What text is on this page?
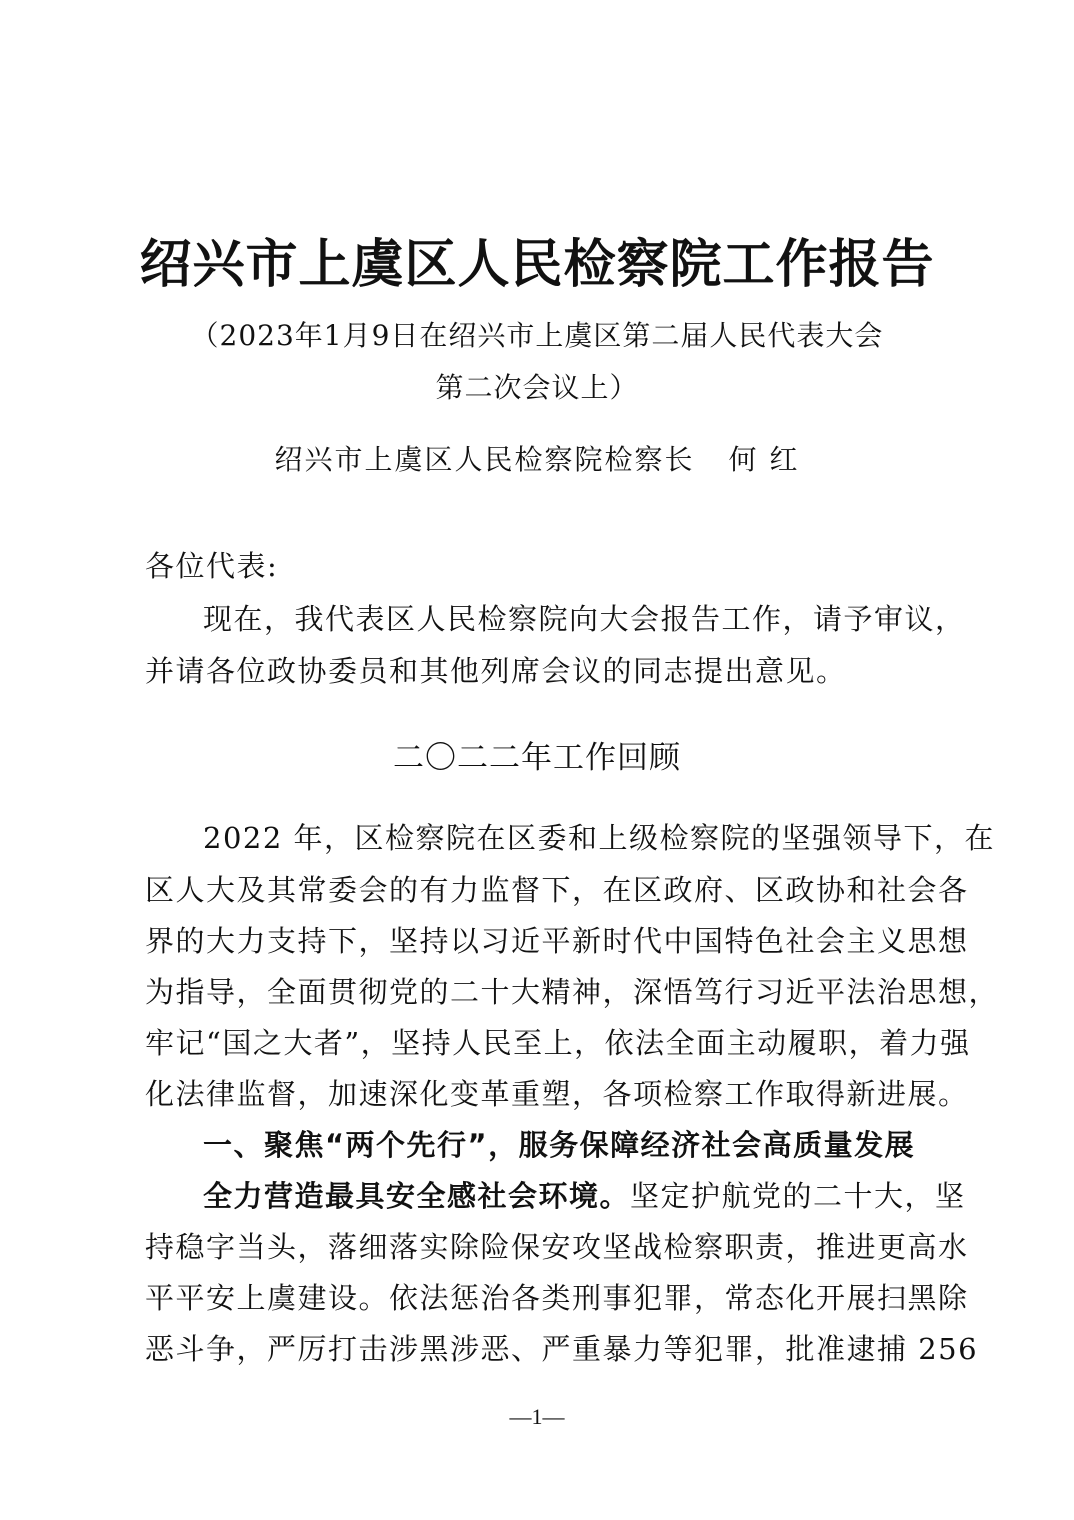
绍兴市上虞区人民检察院工作报告
（2023年1月9日在绍兴市上虞区第二届人民代表大会
第二次会议上）
绍兴市上虞区人民检察院检察长 何 红
各位代表:
现在，我代表区人民检察院向大会报告工作，请予审议，
并请各位政协委员和其他列席会议的同志提出意见。
二〇二二年工作回顾
2022 年，区检察院在区委和上级检察院的坚强领导下，在
区人大及其常委会的有力监督下，在区政府、区政协和社会各
界的大力支持下，坚持以习近平新时代中国特色社会主义思想
为指导，全面贯彻党的二十大精神，深悟笃行习近平法治思想，
牢记“国之大者”，坚持人民至上，依法全面主动履职，着力强
化法律监督，加速深化变革重塑，各项检察工作取得新进展。
一、聚焦“两个先行”，服务保障经济社会高质量发展
全力营造最具安全感社会环境。坚定护航党的二十大，坚
持稳字当头，落细落实除险保安攻坚战检察职责，推进更高水
平平安上虞建设。依法惩治各类刑事犯罪，常态化开展扫黑除
恶斗争，严厉打击涉黑涉恶、严重暴力等犯罪，批准逮捕 256
—1—
